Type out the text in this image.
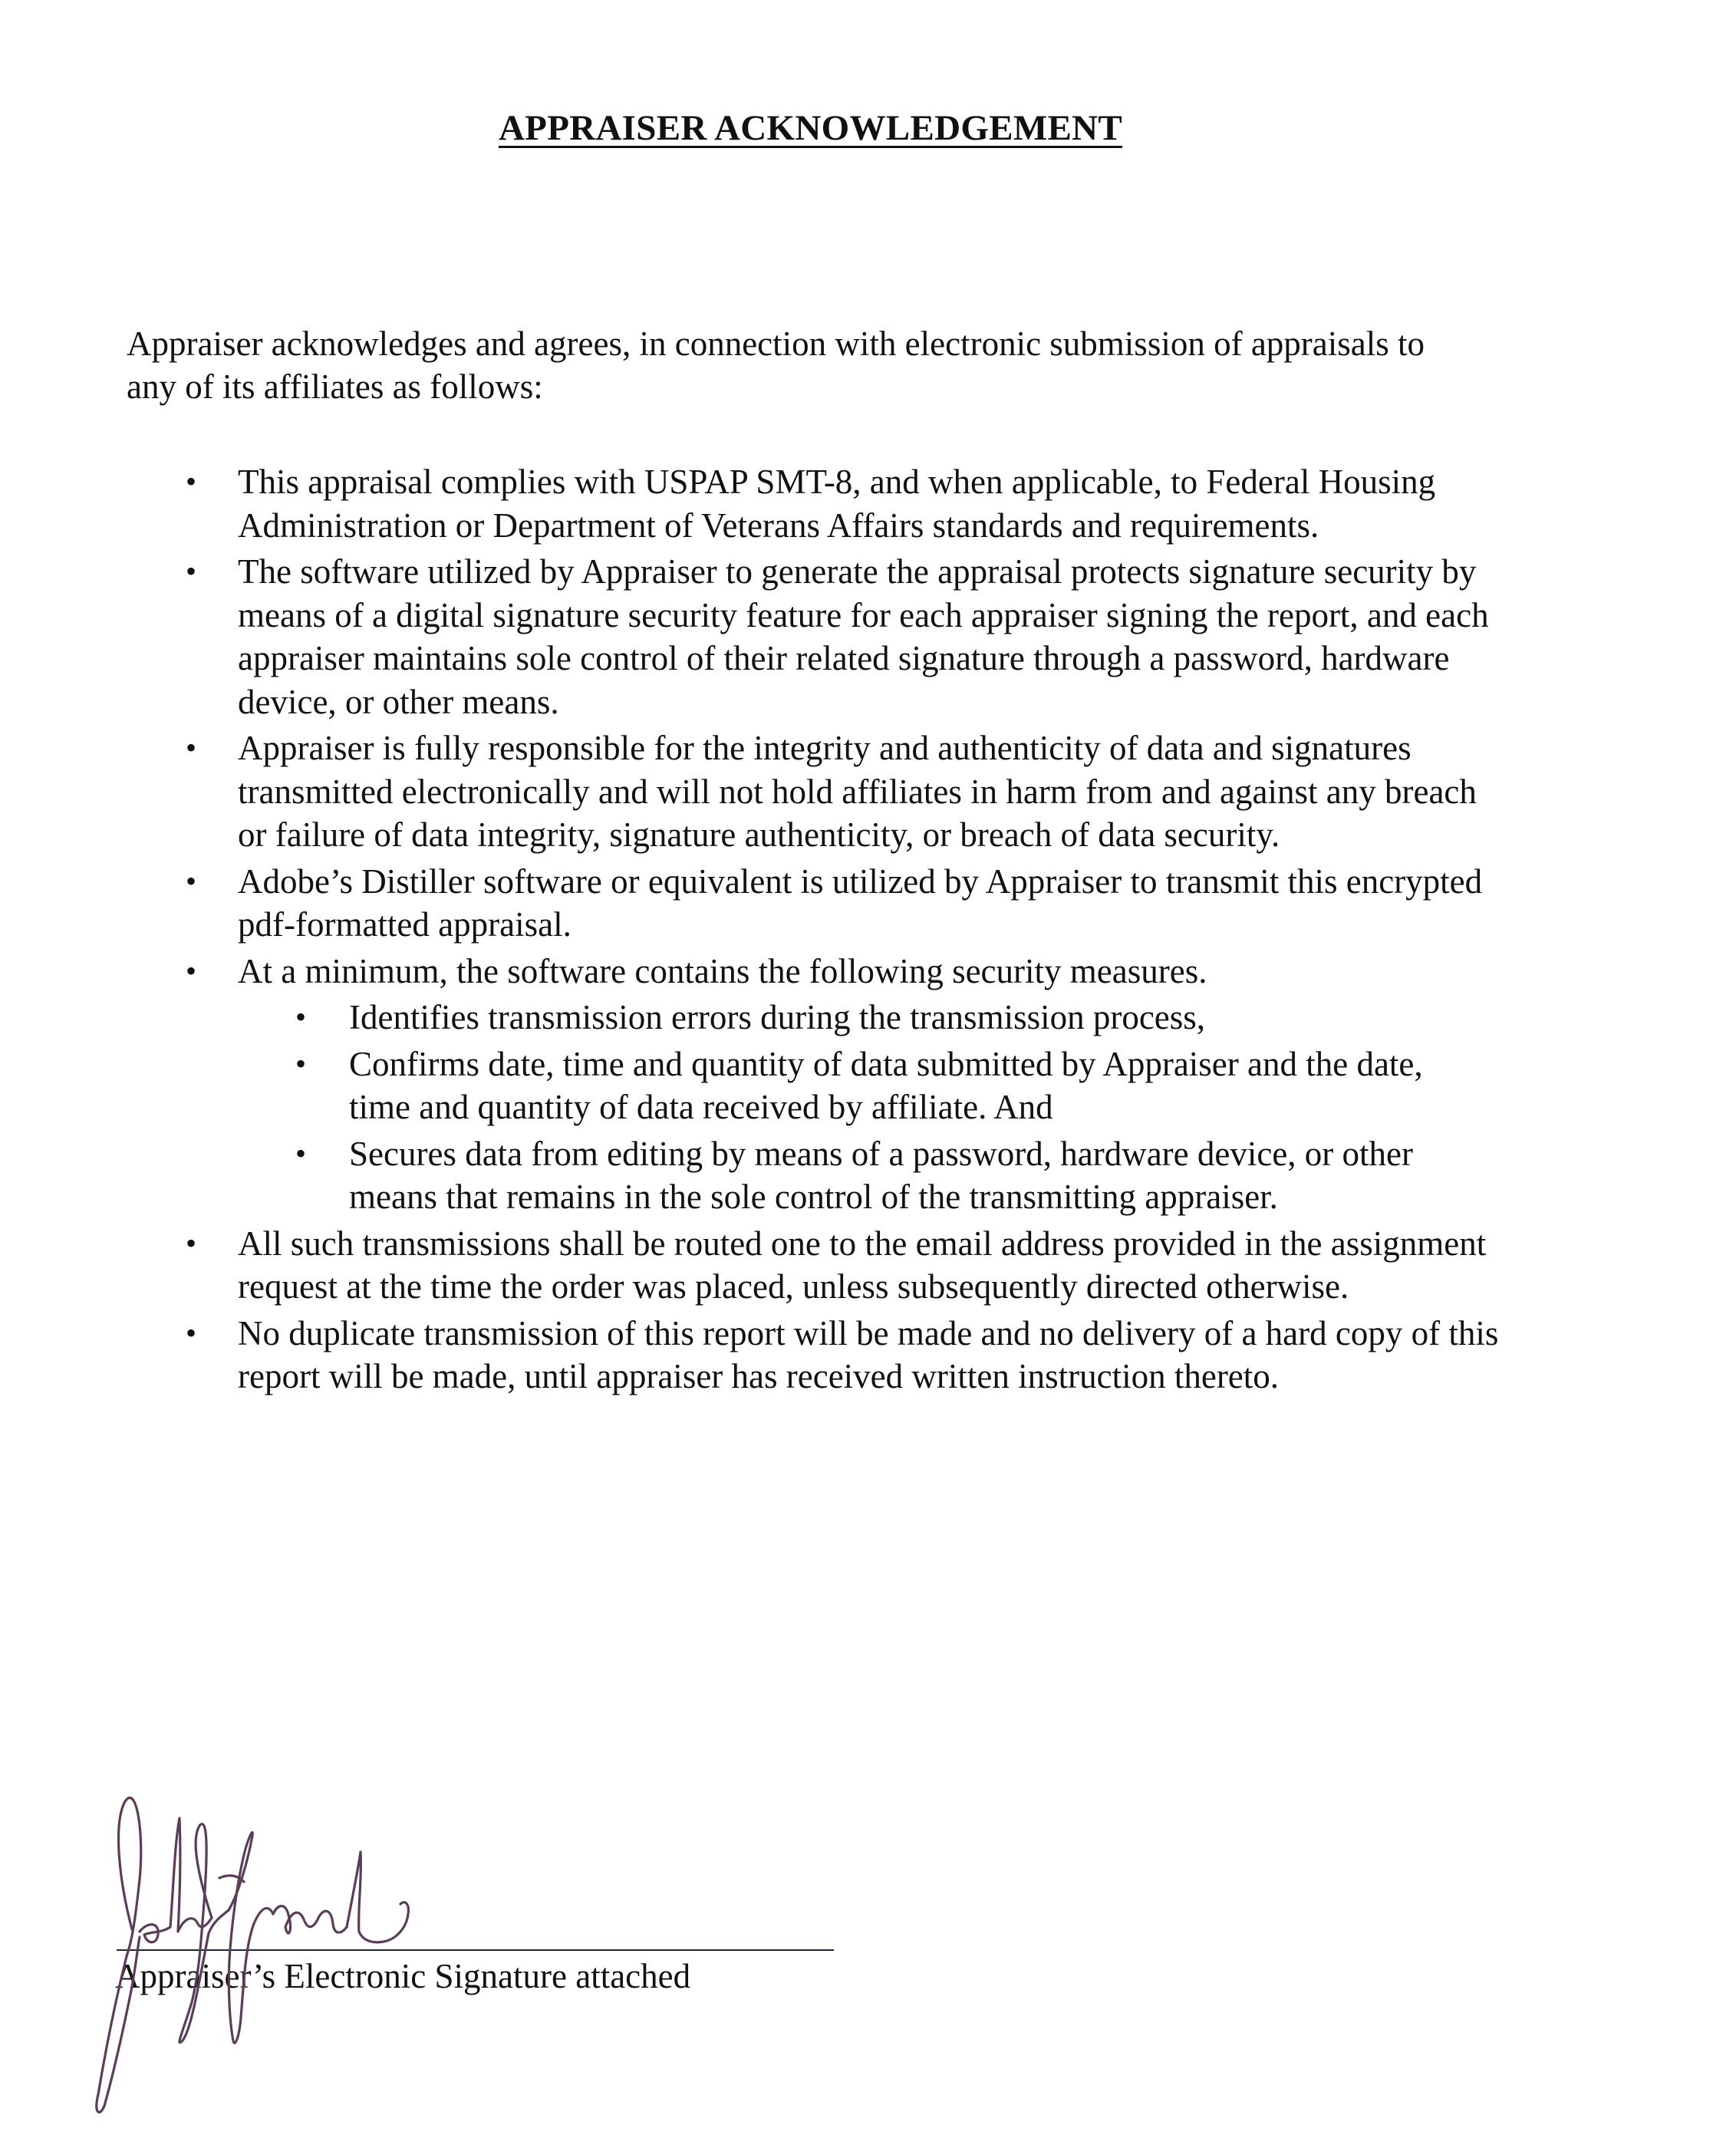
APPRAISER ACKNOWLEDGEMENT
Appraiser acknowledges and agrees, in connection with electronic submission of appraisals to any of its affiliates as follows:
• This appraisal complies with USPAP SMT-8, and when applicable, to Federal Housing Administration or Department of Veterans Affairs standards and requirements.
• The software utilized by Appraiser to generate the appraisal protects signature security by means of a digital signature security feature for each appraiser signing the report, and each appraiser maintains sole control of their related signature through a password, hardware device, or other means.
• Appraiser is fully responsible for the integrity and authenticity of data and signatures transmitted electronically and will not hold affiliates in harm from and against any breach or failure of data integrity, signature authenticity, or breach of data security.
• Adobe’s Distiller software or equivalent is utilized by Appraiser to transmit this encrypted pdf-formatted appraisal.
• At a minimum, the software contains the following security measures.
• Identifies transmission errors during the transmission process,
• Confirms date, time and quantity of data submitted by Appraiser and the date, time and quantity of data received by affiliate. And
• Secures data from editing by means of a password, hardware device, or other means that remains in the sole control of the transmitting appraiser.
• All such transmissions shall be routed one to the email address provided in the assignment request at the time the order was placed, unless subsequently directed otherwise.
• No duplicate transmission of this report will be made and no delivery of a hard copy of this report will be made, until appraiser has received written instruction thereto.
Appraiser’s Electronic Signature attached
